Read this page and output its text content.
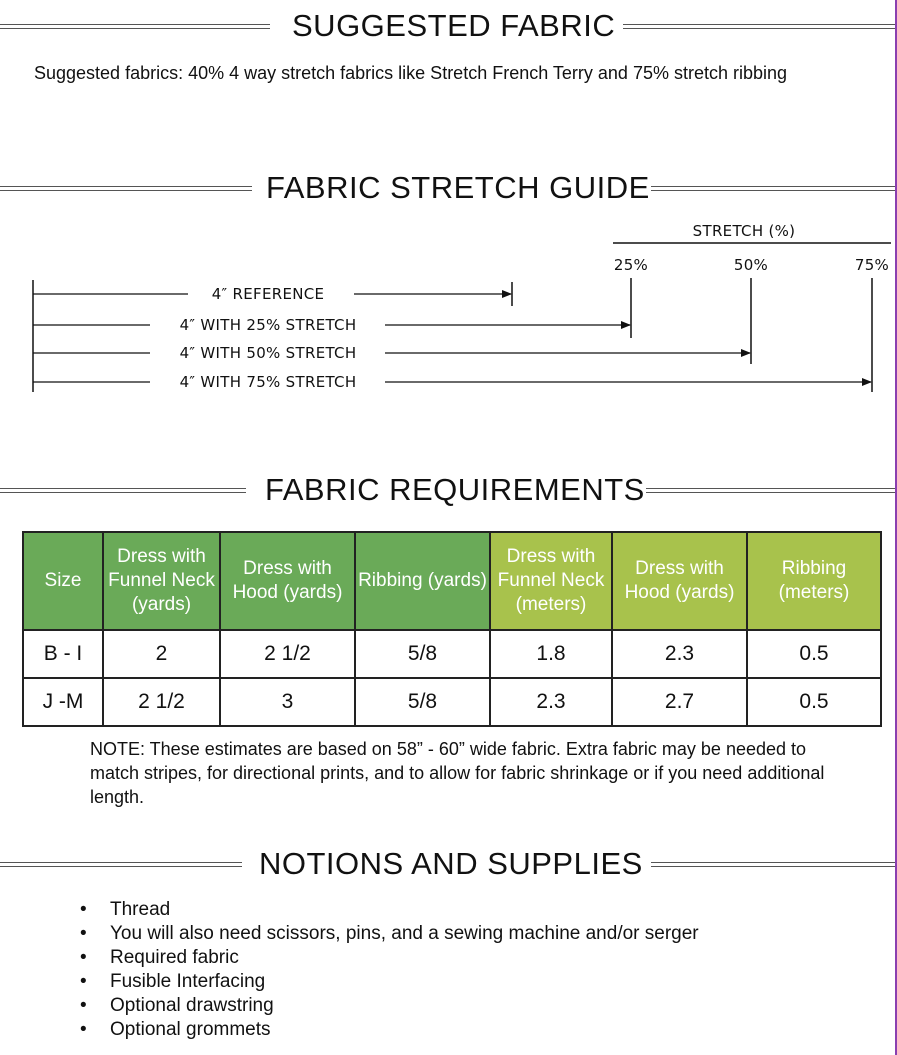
SUGGESTED FABRIC
Suggested fabrics: 40% 4 way stretch fabrics like Stretch French Terry and 75% stretch ribbing
FABRIC STRETCH GUIDE
STRETCH (%)
25%	50%	75%
4″ REFERENCE
4″ WITH 25% STRETCH
4″ WITH 50% STRETCH
4″ WITH 75% STRETCH
FABRIC REQUIREMENTS
Size	Dress with Funnel Neck (yards)	Dress with Hood (yards)	Ribbing (yards)	Dress with Funnel Neck (meters)	Dress with Hood (yards)	Ribbing (meters)
B - I	2	2 1/2	5/8	1.8	2.3	0.5
J -M	2 1/2	3	5/8	2.3	2.7	0.5
NOTE: These estimates are based on 58” - 60” wide fabric. Extra fabric may be needed to match stripes, for directional prints, and to allow for fabric shrinkage or if you need additional length.
NOTIONS AND SUPPLIES
• Thread
• You will also need scissors, pins, and a sewing machine and/or serger
• Required fabric
• Fusible Interfacing
• Optional drawstring
• Optional grommets
